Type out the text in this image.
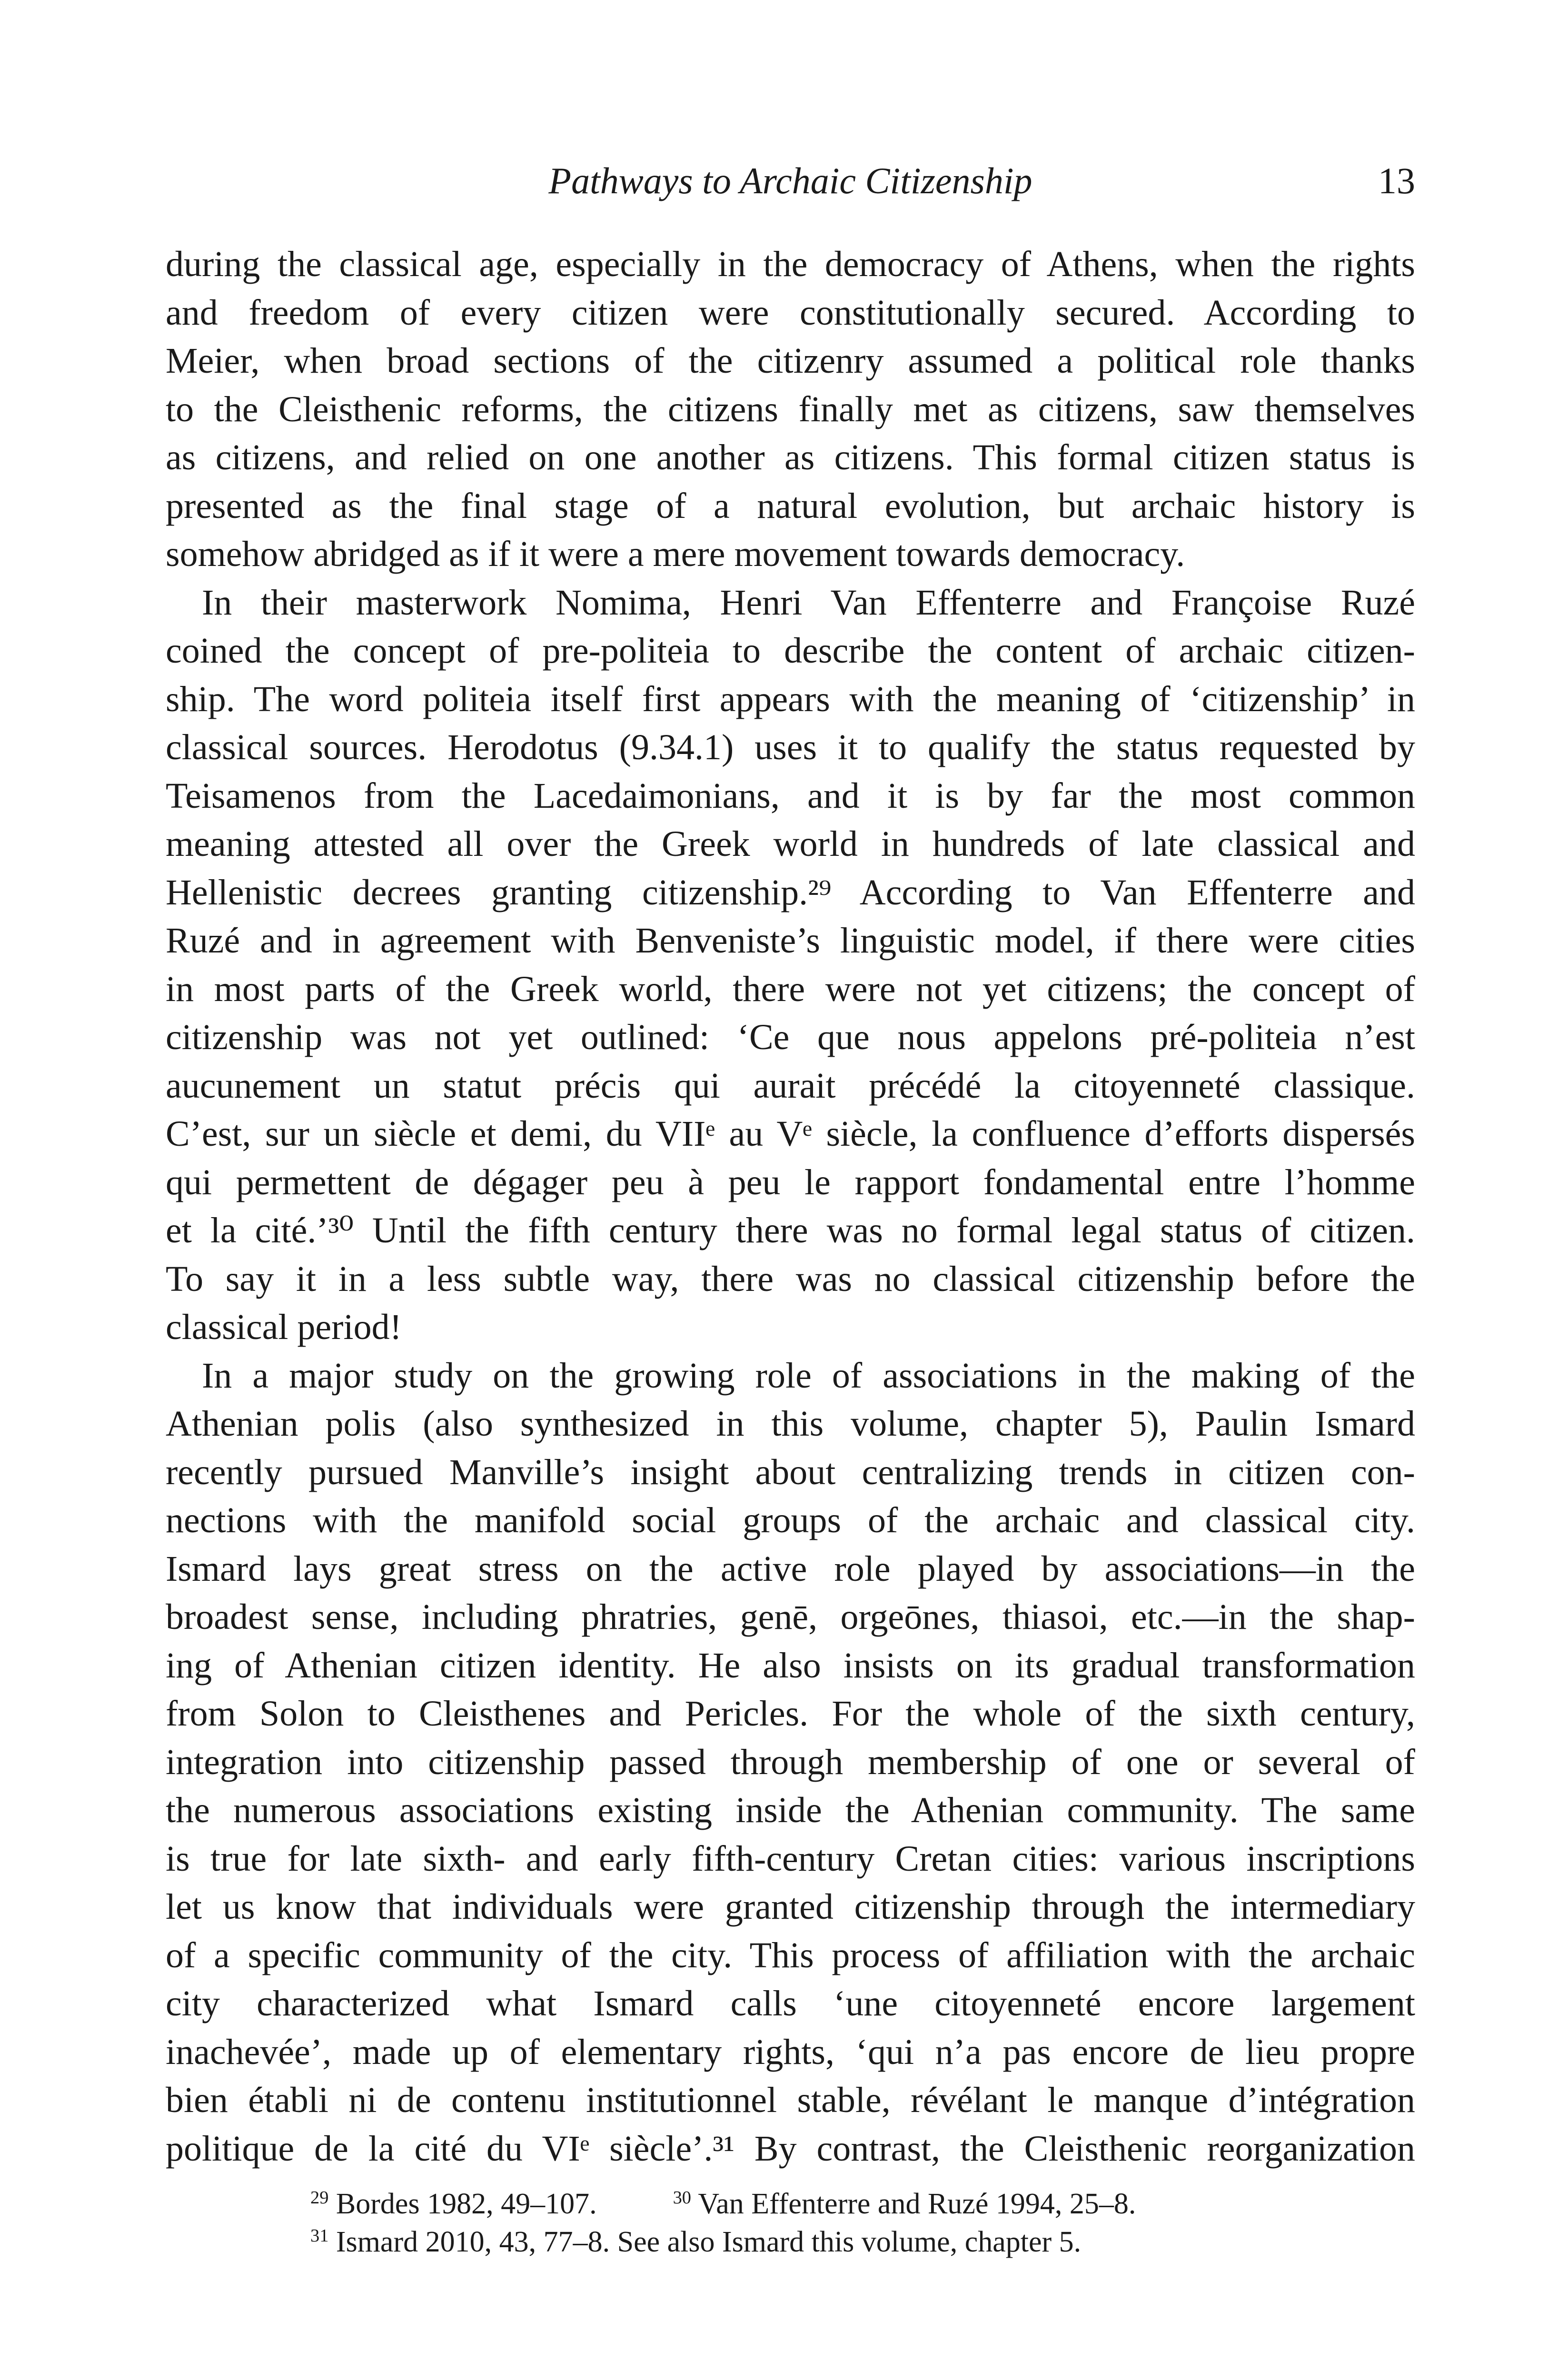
Pathways to Archaic Citizenship	13
during the classical age, especially in the democracy of Athens, when the rights
and freedom of every citizen were constitutionally secured. According to
Meier, when broad sections of the citizenry assumed a political role thanks
to the Cleisthenic reforms, the citizens finally met as citizens, saw themselves
as citizens, and relied on one another as citizens. This formal citizen status is
presented as the final stage of a natural evolution, but archaic history is
somehow abridged as if it were a mere movement towards democracy.
In their masterwork Nomima, Henri Van Effenterre and Françoise Ruzé
coined the concept of pre-politeia to describe the content of archaic citizen-
ship. The word politeia itself first appears with the meaning of ‘citizenship’ in
classical sources. Herodotus (9.34.1) uses it to qualify the status requested by
Teisamenos from the Lacedaimonians, and it is by far the most common
meaning attested all over the Greek world in hundreds of late classical and
Hellenistic decrees granting citizenship.²⁹ According to Van Effenterre and
Ruzé and in agreement with Benveniste’s linguistic model, if there were cities
in most parts of the Greek world, there were not yet citizens; the concept of
citizenship was not yet outlined: ‘Ce que nous appelons pré-politeia n’est
aucunement un statut précis qui aurait précédé la citoyenneté classique.
C’est, sur un siècle et demi, du VIIᵉ au Vᵉ siècle, la confluence d’efforts dispersés
qui permettent de dégager peu à peu le rapport fondamental entre l’homme
et la cité.’³⁰ Until the fifth century there was no formal legal status of citizen.
To say it in a less subtle way, there was no classical citizenship before the
classical period!
In a major study on the growing role of associations in the making of the
Athenian polis (also synthesized in this volume, chapter 5), Paulin Ismard
recently pursued Manville’s insight about centralizing trends in citizen con-
nections with the manifold social groups of the archaic and classical city.
Ismard lays great stress on the active role played by associations—in the
broadest sense, including phratries, genē, orgeōnes, thiasoi, etc.—in the shap-
ing of Athenian citizen identity. He also insists on its gradual transformation
from Solon to Cleisthenes and Pericles. For the whole of the sixth century,
integration into citizenship passed through membership of one or several of
the numerous associations existing inside the Athenian community. The same
is true for late sixth- and early fifth-century Cretan cities: various inscriptions
let us know that individuals were granted citizenship through the intermediary
of a specific community of the city. This process of affiliation with the archaic
city characterized what Ismard calls ‘une citoyenneté encore largement
inachevée’, made up of elementary rights, ‘qui n’a pas encore de lieu propre
bien établi ni de contenu institutionnel stable, révélant le manque d’intégration
politique de la cité du VIᵉ siècle’.³¹ By contrast, the Cleisthenic reorganization
$^{29}$ Bordes 1982, 49–107.	$^{30}$ Van Effenterre and Ruzé 1994, 25–8.
$^{31}$ Ismard 2010, 43, 77–8. See also Ismard this volume, chapter 5.
